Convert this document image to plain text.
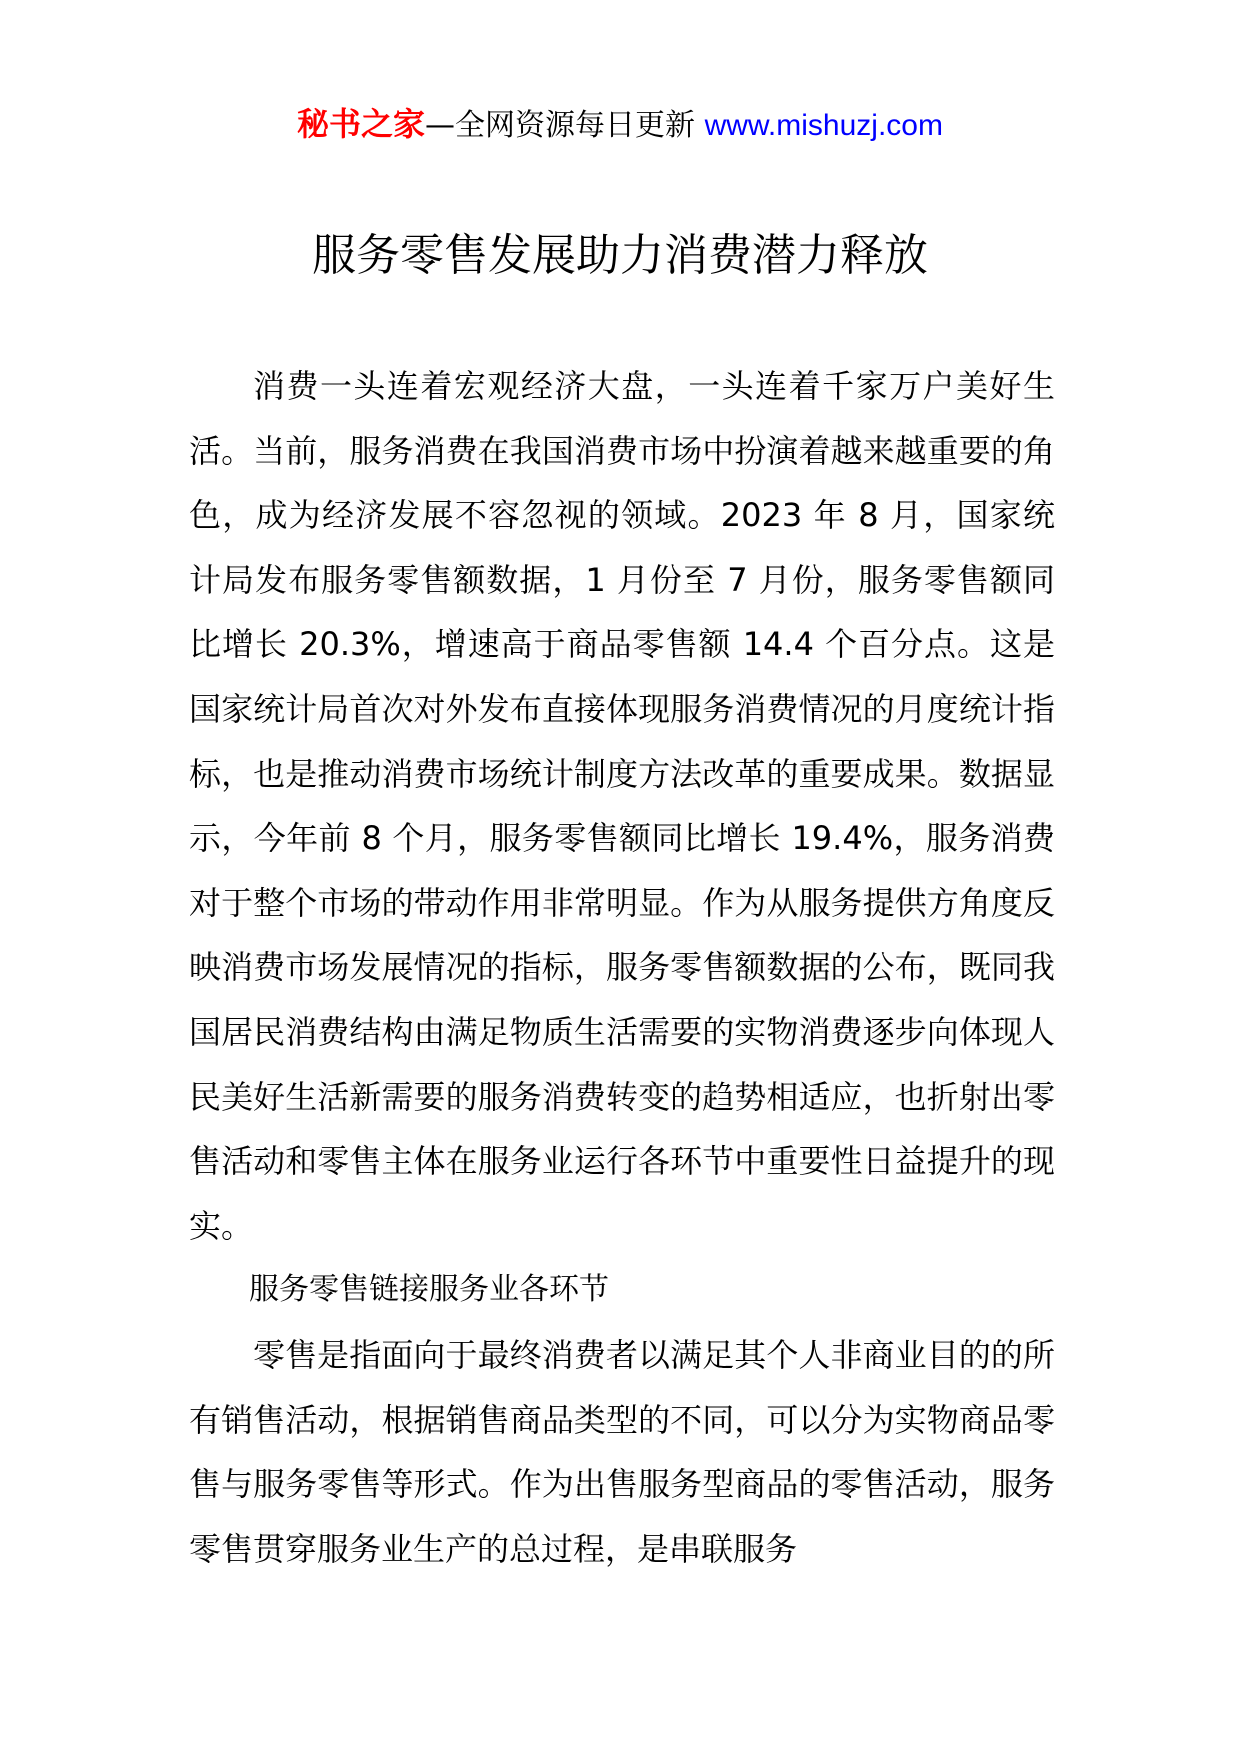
秘书之家—全网资源每日更新 www.mishuzj.com
服务零售发展助力消费潜力释放

消费一头连着宏观经济大盘，一头连着千家万户美好生活。当前，服务消费在我国消费市场中扮演着越来越重要的角色，成为经济发展不容忽视的领域。2023 年 8 月，国家统计局发布服务零售额数据，1 月份至 7 月份，服务零售额同比增长 20.3%，增速高于商品零售额 14.4 个百分点。这是国家统计局首次对外发布直接体现服务消费情况的月度统计指标，也是推动消费市场统计制度方法改革的重要成果。数据显示，今年前 8 个月，服务零售额同比增长 19.4%，服务消费对于整个市场的带动作用非常明显。作为从服务提供方角度反映消费市场发展情况的指标，服务零售额数据的公布，既同我国居民消费结构由满足物质生活需要的实物消费逐步向体现人民美好生活新需要的服务消费转变的趋势相适应，也折射出零售活动和零售主体在服务业运行各环节中重要性日益提升的现实。

服务零售链接服务业各环节

零售是指面向于最终消费者以满足其个人非商业目的的所有销售活动，根据销售商品类型的不同，可以分为实物商品零售与服务零售等形式。作为出售服务型商品的零售活动，服务零售贯穿服务业生产的总过程，是串联服务
